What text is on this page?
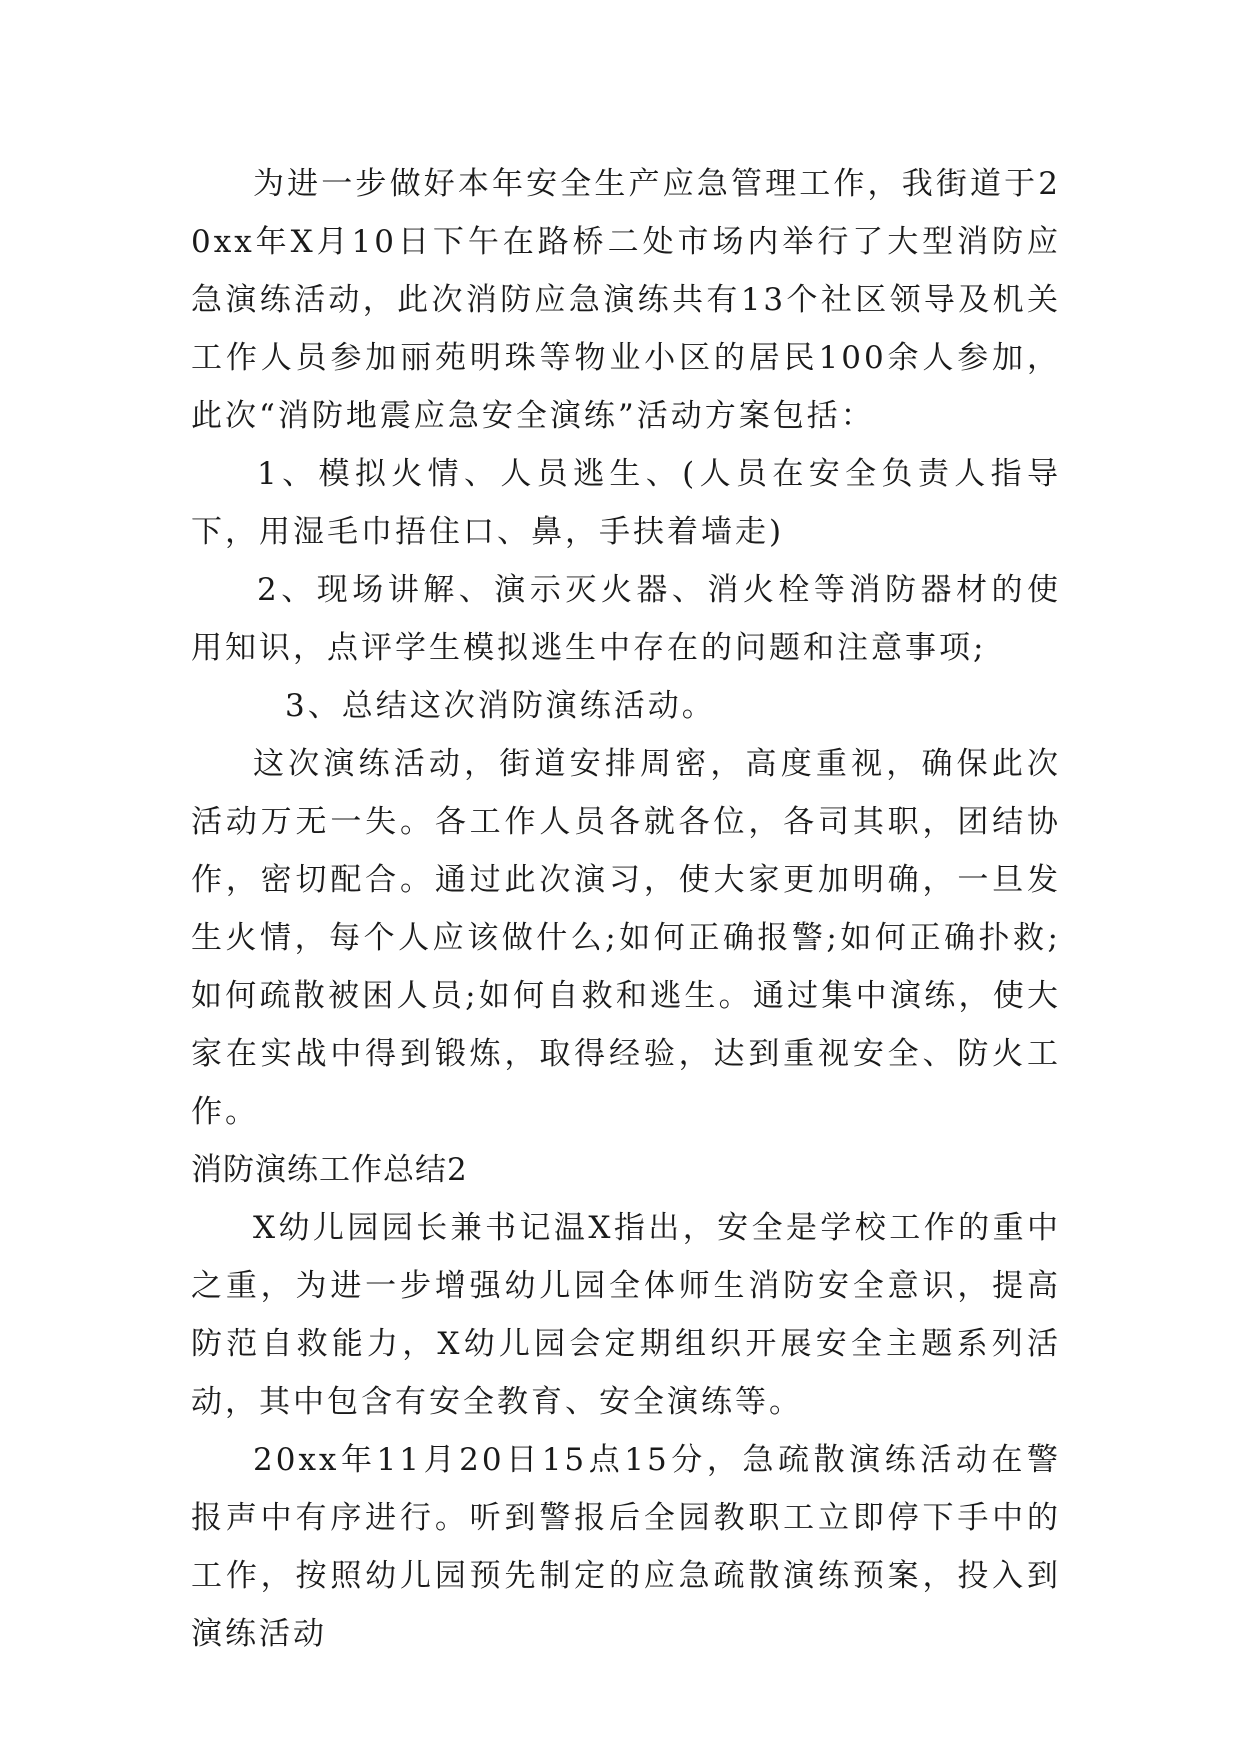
为进一步做好本年安全生产应急管理工作，我街道于20xx年X月10日下午在路桥二处市场内举行了大型消防应急演练活动，此次消防应急演练共有13个社区领导及机关工作人员参加丽苑明珠等物业小区的居民100余人参加，此次“消防地震应急安全演练”活动方案包括：

1、模拟火情、人员逃生、(人员在安全负责人指导下，用湿毛巾捂住口、鼻，手扶着墙走)

2、现场讲解、演示灭火器、消火栓等消防器材的使用知识，点评学生模拟逃生中存在的问题和注意事项;

3、总结这次消防演练活动。

这次演练活动，街道安排周密，高度重视，确保此次活动万无一失。各工作人员各就各位，各司其职，团结协作，密切配合。通过此次演习，使大家更加明确，一旦发生火情，每个人应该做什么;如何正确报警;如何正确扑救;如何疏散被困人员;如何自救和逃生。通过集中演练，使大家在实战中得到锻炼，取得经验，达到重视安全、防火工作。

消防演练工作总结2

X幼儿园园长兼书记温X指出，安全是学校工作的重中之重，为进一步增强幼儿园全体师生消防安全意识，提高防范自救能力，X幼儿园会定期组织开展安全主题系列活动，其中包含有安全教育、安全演练等。

20xx年11月20日15点15分，急疏散演练活动在警报声中有序进行。听到警报后全园教职工立即停下手中的工作，按照幼儿园预先制定的应急疏散演练预案，投入到演练活动
